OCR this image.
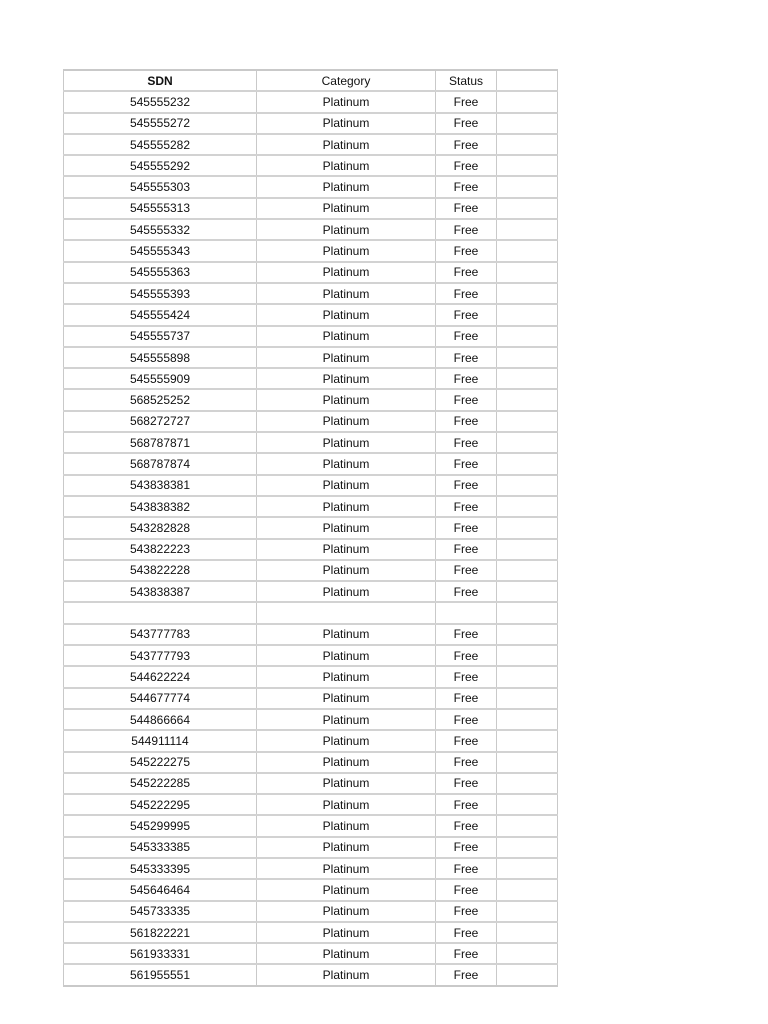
SDN	Category	Status	
545555232	Platinum	Free	
545555272	Platinum	Free	
545555282	Platinum	Free	
545555292	Platinum	Free	
545555303	Platinum	Free	
545555313	Platinum	Free	
545555332	Platinum	Free	
545555343	Platinum	Free	
545555363	Platinum	Free	
545555393	Platinum	Free	
545555424	Platinum	Free	
545555737	Platinum	Free	
545555898	Platinum	Free	
545555909	Platinum	Free	
568525252	Platinum	Free	
568272727	Platinum	Free	
568787871	Platinum	Free	
568787874	Platinum	Free	
543838381	Platinum	Free	
543838382	Platinum	Free	
543282828	Platinum	Free	
543822223	Platinum	Free	
543822228	Platinum	Free	
543838387	Platinum	Free	

543777783	Platinum	Free	
543777793	Platinum	Free	
544622224	Platinum	Free	
544677774	Platinum	Free	
544866664	Platinum	Free	
544911114	Platinum	Free	
545222275	Platinum	Free	
545222285	Platinum	Free	
545222295	Platinum	Free	
545299995	Platinum	Free	
545333385	Platinum	Free	
545333395	Platinum	Free	
545646464	Platinum	Free	
545733335	Platinum	Free	
561822221	Platinum	Free	
561933331	Platinum	Free	
561955551	Platinum	Free	
